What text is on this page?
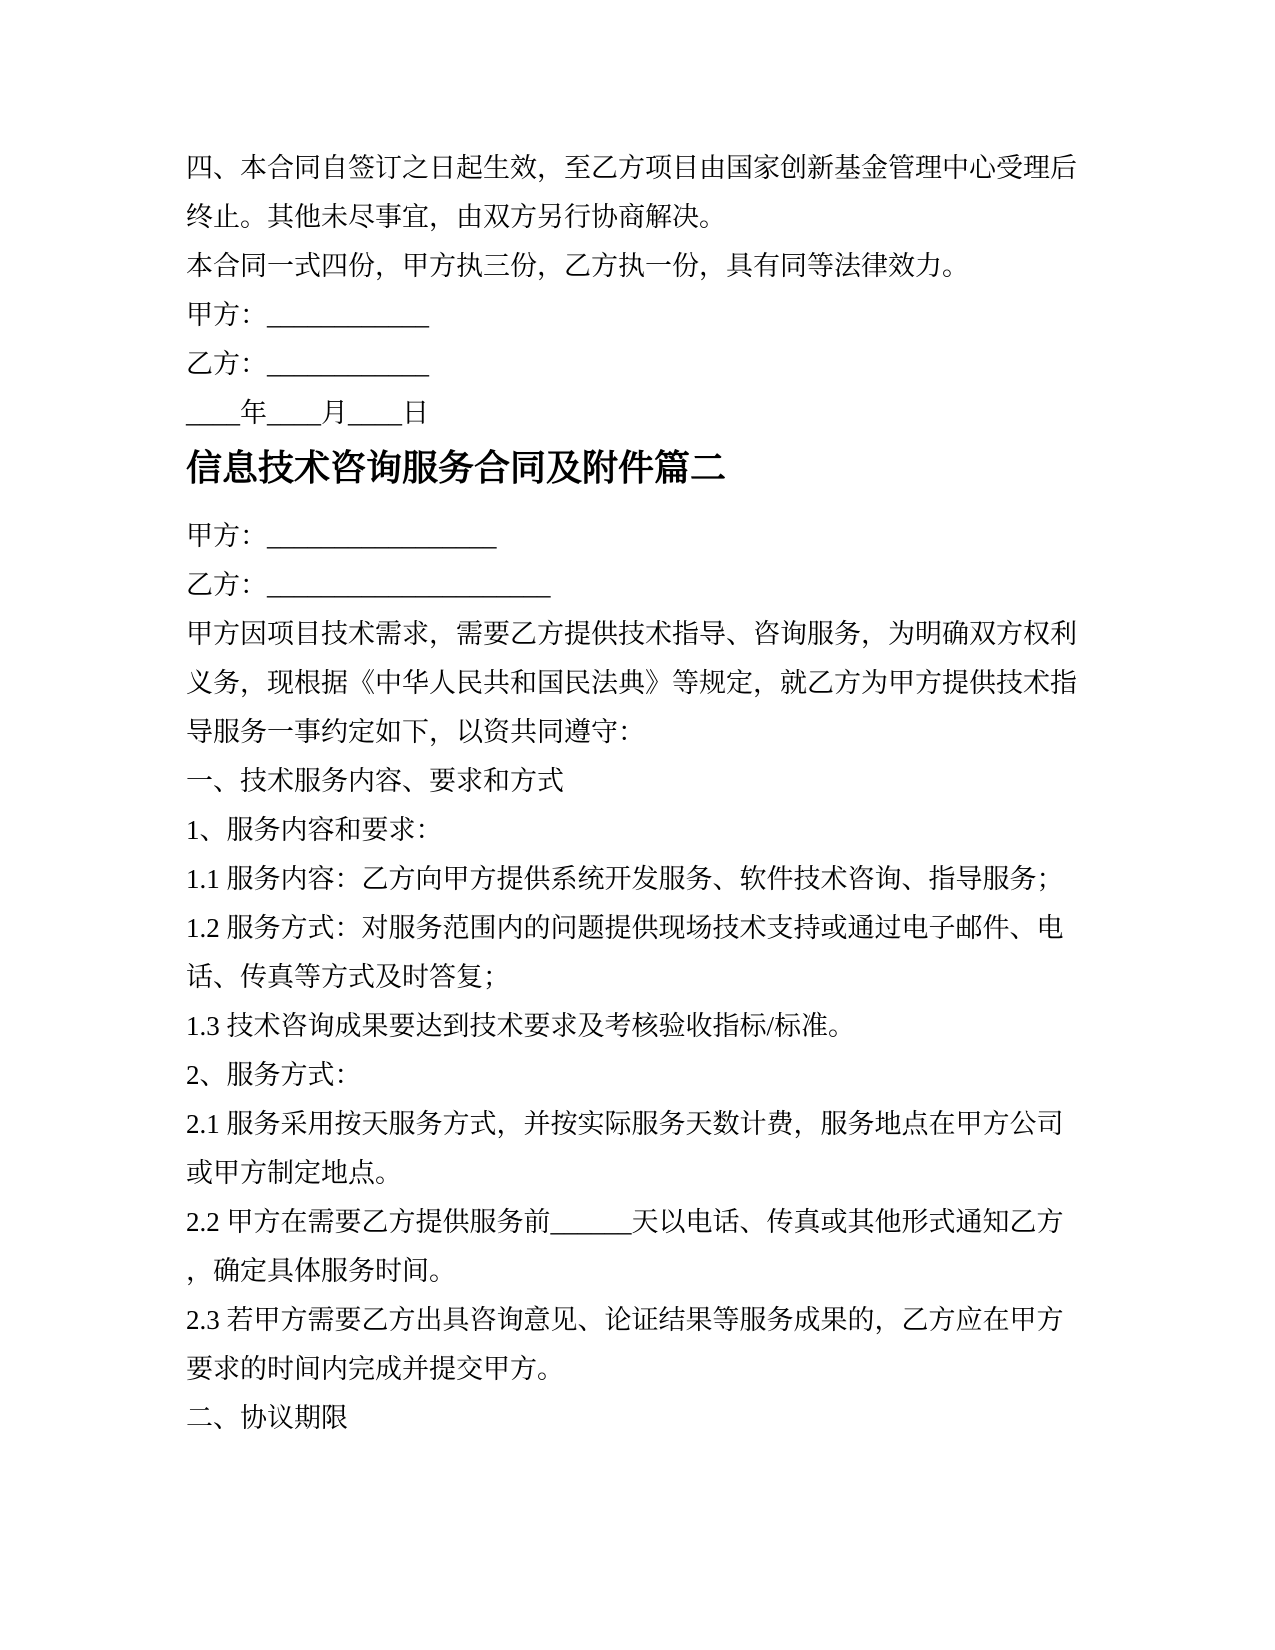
四、本合同自签订之日起生效，至乙方项目由国家创新基金管理中心受理后
终止。其他未尽事宜，由双方另行协商解决。
本合同一式四份，甲方执三份，乙方执一份，具有同等法律效力。
甲方：____________
乙方：____________
____年____月____日
信息技术咨询服务合同及附件篇二
甲方：_________________
乙方：_____________________
甲方因项目技术需求，需要乙方提供技术指导、咨询服务，为明确双方权利
义务，现根据《中华人民共和国民法典》等规定，就乙方为甲方提供技术指
导服务一事约定如下，以资共同遵守：
一、技术服务内容、要求和方式
1、服务内容和要求：
1.1 服务内容：乙方向甲方提供系统开发服务、软件技术咨询、指导服务；
1.2 服务方式：对服务范围内的问题提供现场技术支持或通过电子邮件、电
话、传真等方式及时答复；
1.3 技术咨询成果要达到技术要求及考核验收指标/标准。
2、服务方式：
2.1 服务采用按天服务方式，并按实际服务天数计费，服务地点在甲方公司
或甲方制定地点。
2.2 甲方在需要乙方提供服务前______天以电话、传真或其他形式通知乙方
，确定具体服务时间。
2.3 若甲方需要乙方出具咨询意见、论证结果等服务成果的，乙方应在甲方
要求的时间内完成并提交甲方。
二、协议期限
